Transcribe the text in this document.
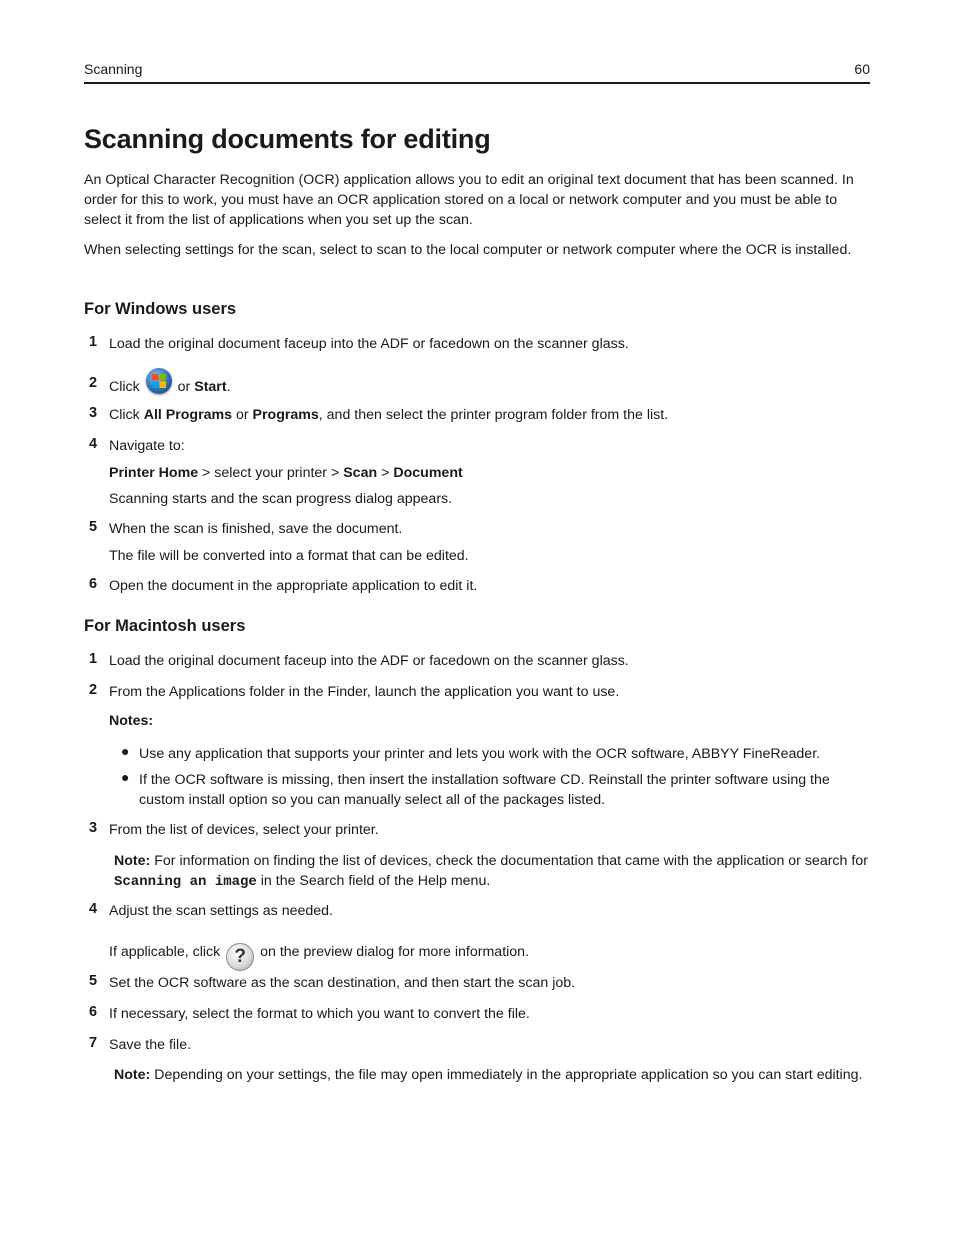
Scanning	60
Scanning documents for editing
An Optical Character Recognition (OCR) application allows you to edit an original text document that has been scanned. In order for this to work, you must have an OCR application stored on a local or network computer and you must be able to select it from the list of applications when you set up the scan.
When selecting settings for the scan, select to scan to the local computer or network computer where the OCR is installed.
For Windows users
1 Load the original document faceup into the ADF or facedown on the scanner glass.
2 Click	or Start.
3 Click All Programs or Programs, and then select the printer program folder from the list.
4 Navigate to:
Printer Home > select your printer > Scan > Document
Scanning starts and the scan progress dialog appears.
5 When the scan is finished, save the document.
The file will be converted into a format that can be edited.
6 Open the document in the appropriate application to edit it.
For Macintosh users
1 Load the original document faceup into the ADF or facedown on the scanner glass.
2 From the Applications folder in the Finder, launch the application you want to use.
Notes:
● Use any application that supports your printer and lets you work with the OCR software, ABBYY FineReader.
● If the OCR software is missing, then insert the installation software CD. Reinstall the printer software using the custom install option so you can manually select all of the packages listed.
3 From the list of devices, select your printer.
Note: For information on finding the list of devices, check the documentation that came with the application or search for Scanning an image in the Search field of the Help menu.
4 Adjust the scan settings as needed.
If applicable, click ? on the preview dialog for more information.
5 Set the OCR software as the scan destination, and then start the scan job.
6 If necessary, select the format to which you want to convert the file.
7 Save the file.
Note: Depending on your settings, the file may open immediately in the appropriate application so you can start editing.
